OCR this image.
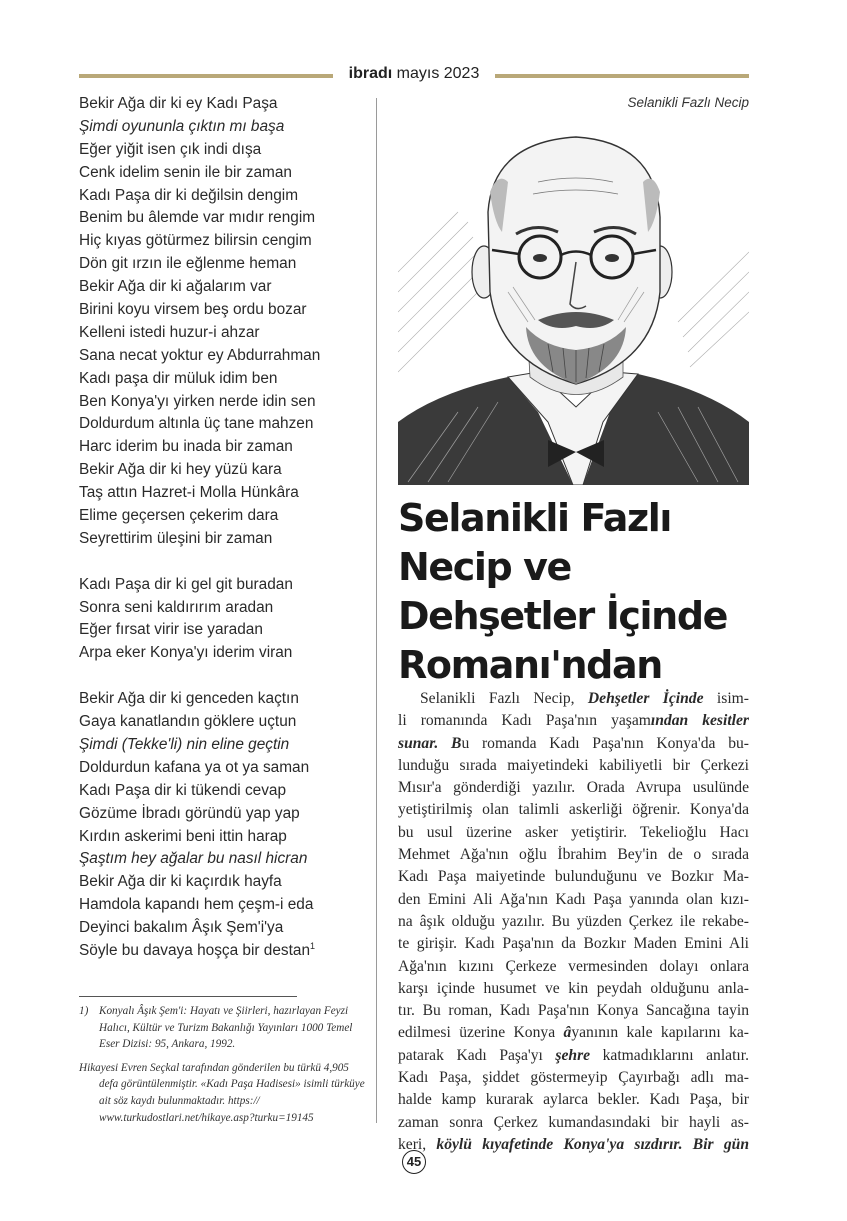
ibradı mayıs 2023
Bekir Ağa dir ki ey Kadı Paşa
Şimdi oyununla çıktın mı başa
Eğer yiğit isen çık indi dışa
Cenk idelim senin ile bir zaman
Kadı Paşa dir ki değilsin dengim
Benim bu âlemde var mıdır rengim
Hiç kıyas götürmez bilirsin cengim
Dön git ırzın ile eğlenme heman
Bekir Ağa dir ki ağalarım var
Birini koyu virsem beş ordu bozar
Kelleni istedi huzur-i ahzar
Sana necat yoktur ey Abdurrahman
Kadı paşa dir müluk idim ben
Ben Konya'yı yirken nerde idin sen
Doldurdum altınla üç tane mahzen
Harc iderim bu inada bir zaman
Bekir Ağa dir ki hey yüzü kara
Taş attın Hazret-i Molla Hünkâra
Elime geçersen çekerim dara
Seyrettirim üleşini bir zaman
Kadı Paşa dir ki gel git buradan
Sonra seni kaldırırım aradan
Eğer fırsat virir ise yaradan
Arpa eker Konya'yı iderim viran
Bekir Ağa dir ki genceden kaçtın
Gaya kanatlandın göklere uçtun
Şimdi (Tekke'li) nin eline geçtin
Doldurdun kafana ya ot ya saman
Kadı Paşa dir ki tükendi cevap
Gözüme İbradı göründü yap yap
Kırdın askerimi beni ittin harap
Şaştım hey ağalar bu nasıl hicran
Bekir Ağa dir ki kaçırdık hayfa
Hamdola kapandı hem çeşm-i eda
Deyinci bakalım Âşık Şem'i'ya
Söyle bu davaya hoşça bir destan$^1$
1) Konyalı Âşık Şem'i: Hayatı ve Şiirleri, hazırlayan Feyzi Halıcı, Kültür ve Turizm Bakanlığı Yayınları 1000 Temel Eser Dizisi: 95, Ankara, 1992.
Hikayesi Evren Seçkal tarafından gönderilen bu türkü 4,905 defa görüntülenmiştir. «Kadı Paşa Hadisesi» isimli türküye ait söz kaydı bulunmaktadır. https:// www.turkudostlari.net/hikaye.asp?turku=19145
Selanikli Fazlı Necip
Selanikli Fazlı
Necip ve
Dehşetler İçinde
Romanı'ndan
Selanikli Fazlı Necip, Dehşetler İçinde isim-
li romanında Kadı Paşa'nın yaşamından kesitler
sunar. Bu romanda Kadı Paşa'nın Konya'da bu-
lunduğu sırada maiyetindeki kabiliyetli bir Çerkezi
Mısır'a gönderdiği yazılır. Orada Avrupa usulünde
yetiştirilmiş olan talimli askerliği öğrenir. Konya'da
bu usul üzerine asker yetiştirir. Tekelioğlu Hacı
Mehmet Ağa'nın oğlu İbrahim Bey'in de o sırada
Kadı Paşa maiyetinde bulunduğunu ve Bozkır Ma-
den Emini Ali Ağa'nın Kadı Paşa yanında olan kızı-
na âşık olduğu yazılır. Bu yüzden Çerkez ile rekabe-
te girişir. Kadı Paşa'nın da Bozkır Maden Emini Ali
Ağa'nın kızını Çerkeze vermesinden dolayı onlara
karşı içinde husumet ve kin peydah olduğunu anla-
tır. Bu roman, Kadı Paşa'nın Konya Sancağına tayin
edilmesi üzerine Konya âyanının kale kapılarını ka-
patarak Kadı Paşa'yı şehre katmadıklarını anlatır.
Kadı Paşa, şiddet göstermeyip Çayırbağı adlı ma-
halde kamp kurarak aylarca bekler. Kadı Paşa, bir
zaman sonra Çerkez kumandasındaki bir hayli as-
keri, köylü kıyafetinde Konya'ya sızdırır. Bir gün
45
